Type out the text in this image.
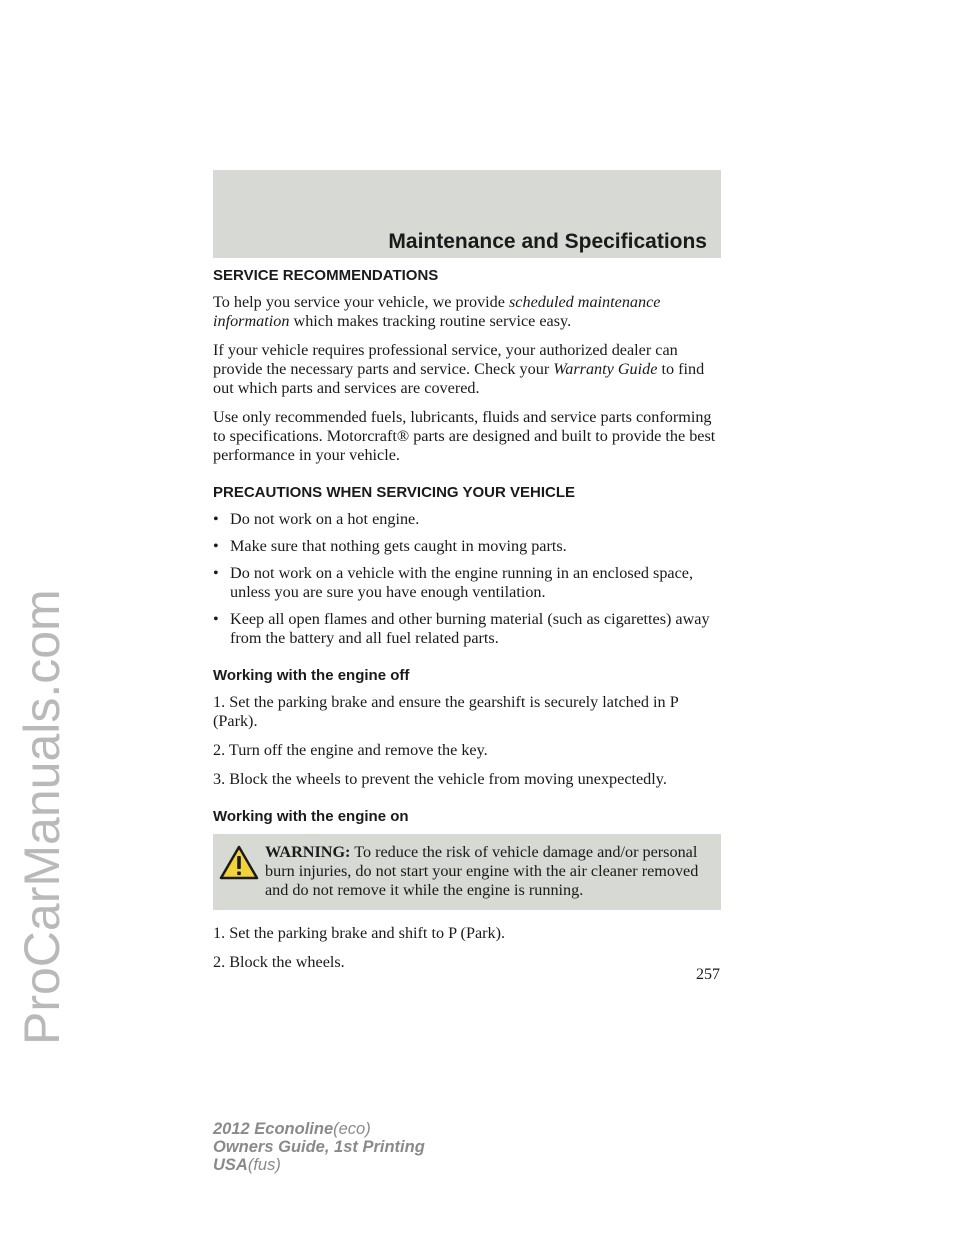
ProCarManuals.com
Maintenance and Specifications
SERVICE RECOMMENDATIONS

To help you service your vehicle, we provide scheduled maintenance information which makes tracking routine service easy.

If your vehicle requires professional service, your authorized dealer can provide the necessary parts and service. Check your Warranty Guide to find out which parts and services are covered.

Use only recommended fuels, lubricants, fluids and service parts conforming to specifications. Motorcraft® parts are designed and built to provide the best performance in your vehicle.

PRECAUTIONS WHEN SERVICING YOUR VEHICLE
• Do not work on a hot engine.
• Make sure that nothing gets caught in moving parts.
• Do not work on a vehicle with the engine running in an enclosed space, unless you are sure you have enough ventilation.
• Keep all open flames and other burning material (such as cigarettes) away from the battery and all fuel related parts.
Working with the engine off

1. Set the parking brake and ensure the gearshift is securely latched in P (Park).

2. Turn off the engine and remove the key.

3. Block the wheels to prevent the vehicle from moving unexpectedly.

Working with the engine on
WARNING: To reduce the risk of vehicle damage and/or personal burn injuries, do not start your engine with the air cleaner removed and do not remove it while the engine is running.

1. Set the parking brake and shift to P (Park).

2. Block the wheels.

257
2012 Econoline(eco)
Owners Guide, 1st Printing
USA(fus)
